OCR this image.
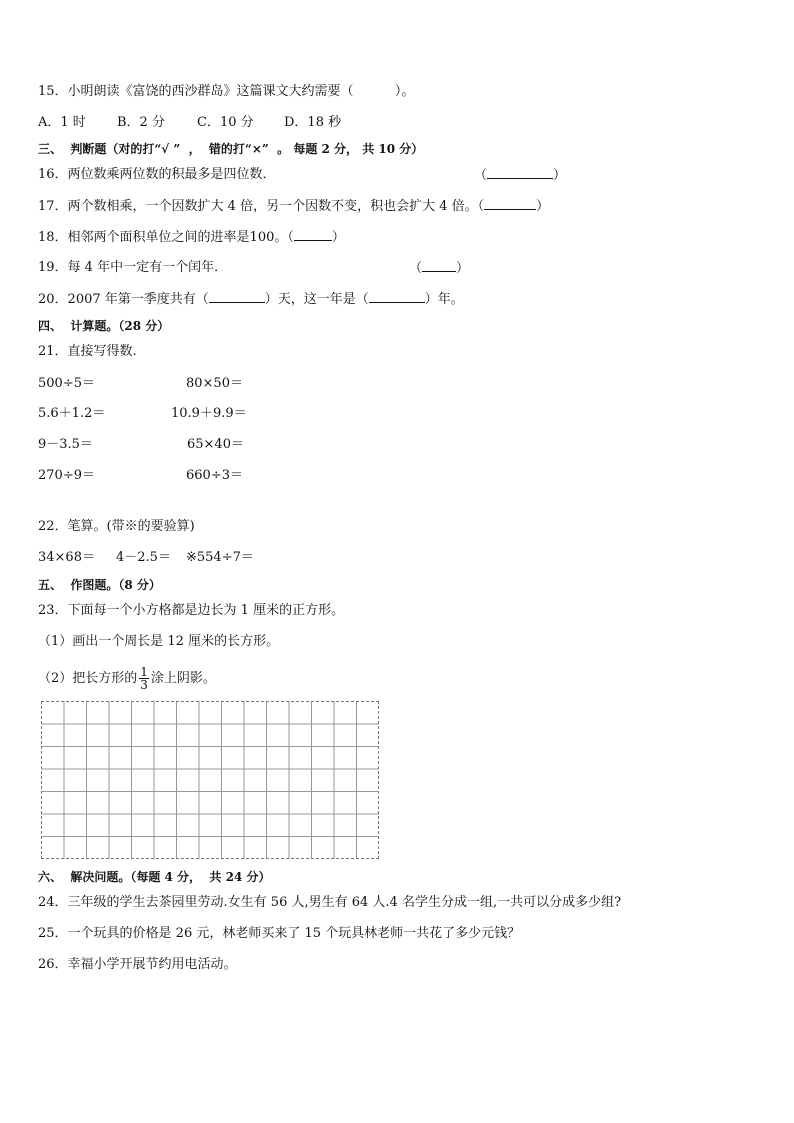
15．小明朗读《富饶的西沙群岛》这篇课文大约需要（          ）。
A．1 时 B．2 分 C．10 分 D．18 秒
三、  判断题（对的打“√ ”  ，  错的打“×”  。 每题 2 分， 共 10 分）
16．两位数乘两位数的积最多是四位数．	（	）
17．两个数相乘，一个因数扩大 4 倍，另一个因数不变，积也会扩大 4 倍。（	）
18．相邻两个面积单位之间的进率是100。（	）
19．每 4 年中一定有一个闰年．	（	）
20．2007 年第一季度共有（	）天，这一年是（	）年。
四、  计算题。（28 分）
21．直接写得数.
500÷5＝	80×50＝
5.6＋1.2＝	10.9＋9.9＝
9－3.5＝	65×40＝
270÷9＝	660÷3＝
22．笔算。(带※的要验算)
34×68＝ 4－2.5＝ ※554÷7＝
五、  作图题。（8 分）
23．下面每一个小方格都是边长为 1 厘米的正方形。
（1）画出一个周长是 12 厘米的长方形。
（2）把长方形的 $\frac{1}{3}$ 涂上阴影。
六、  解决问题。（每题 4 分，  共 24 分）
24．三年级的学生去茶园里劳动.女生有 56 人,男生有 64 人.4 名学生分成一组,一共可以分成多少组?
25．一个玩具的价格是 26 元，林老师买来了 15 个玩具林老师一共花了多少元钱？
26．幸福小学开展节约用电活动。
